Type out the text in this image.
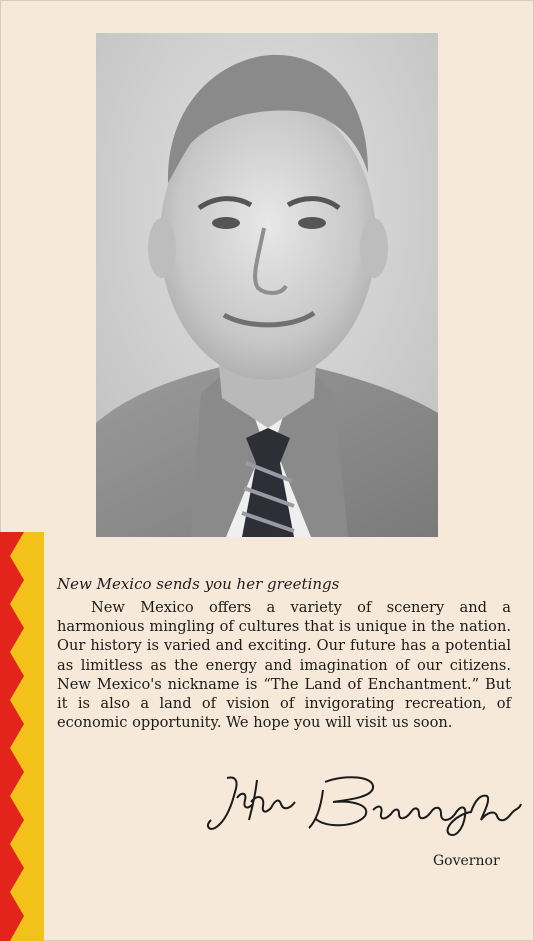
New Mexico sends you her greetings

New Mexico offers a variety of scenery and a harmonious mingling of cultures that is unique in the nation. Our history is varied and exciting. Our future has a potential as limitless as the energy and imagination of our citizens. New Mexico's nickname is “The Land of Enchantment.” But it is also a land of vision of invigorating recreation, of economic opportunity. We hope you will visit us soon.

Governor
